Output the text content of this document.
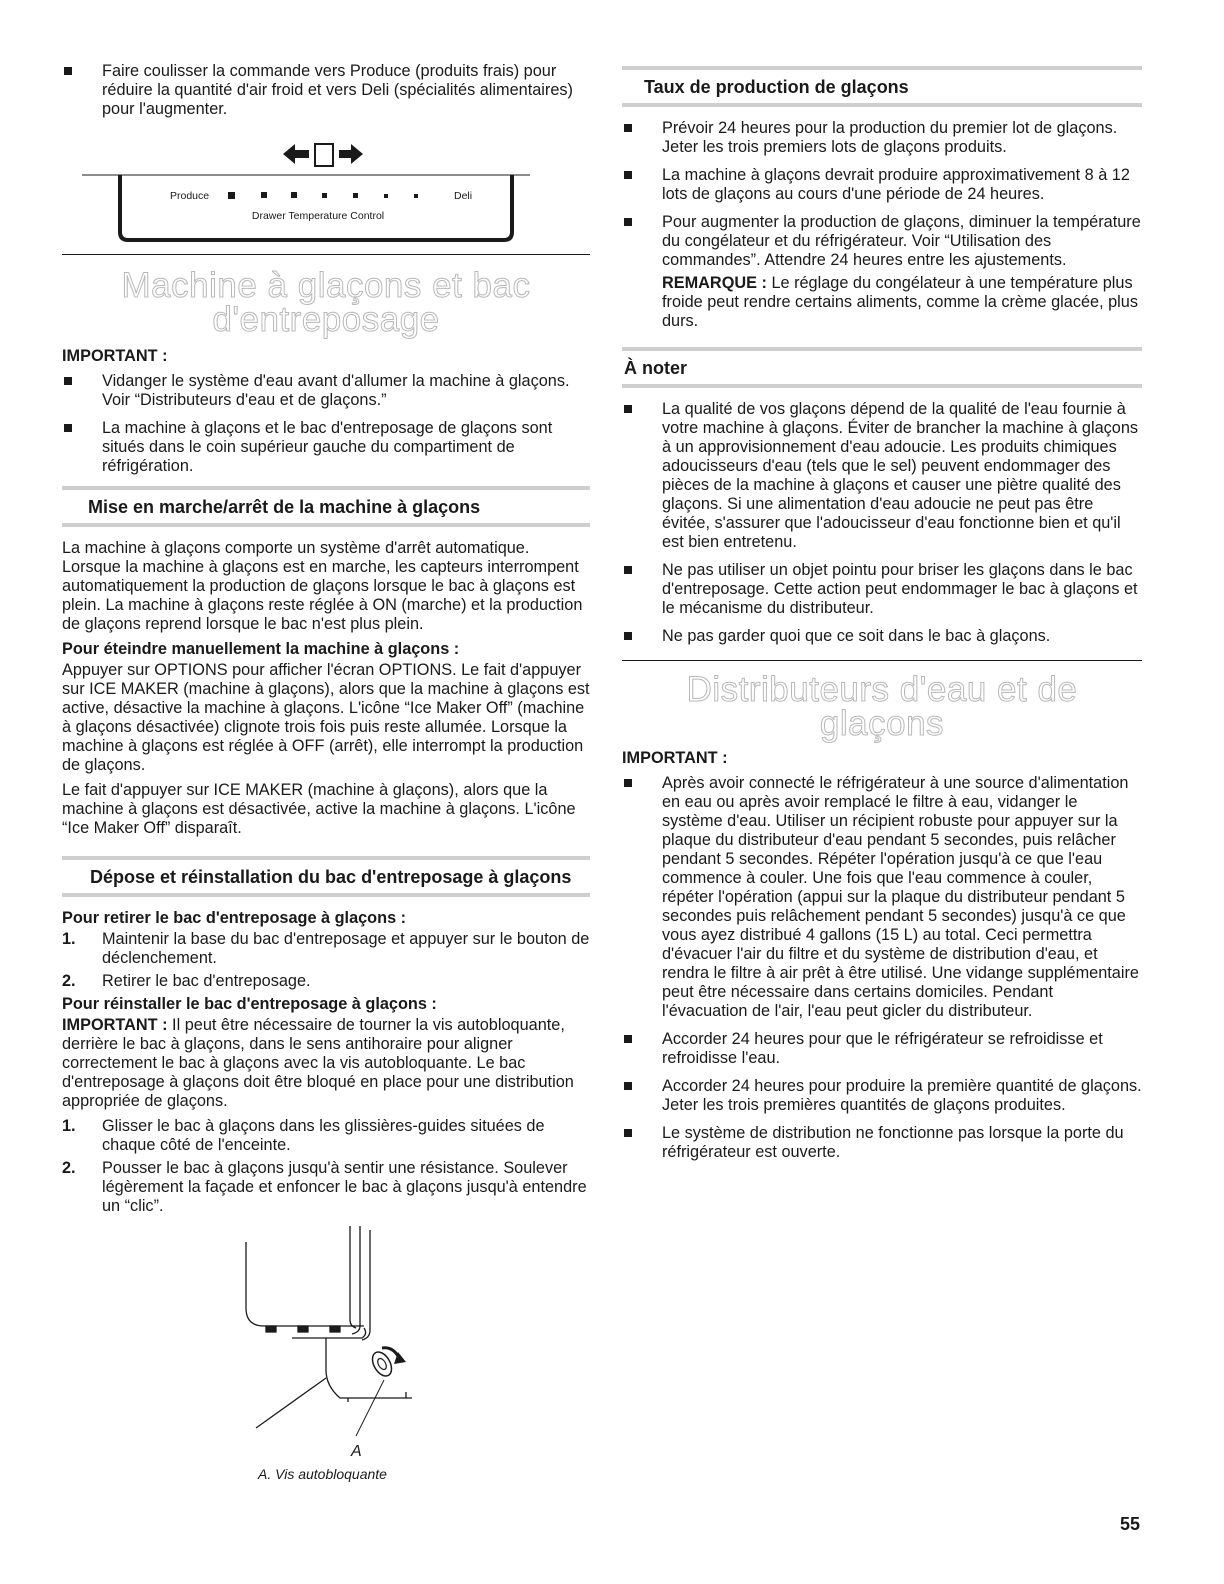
Faire coulisser la commande vers Produce (produits frais) pour réduire la quantité d'air froid et vers Deli (spécialités alimentaires) pour l'augmenter.
Produce	Deli
Drawer Temperature Control
Machine à glaçons et bac
d'entreposage
IMPORTANT :
Vidanger le système d'eau avant d'allumer la machine à glaçons. Voir “Distributeurs d'eau et de glaçons.”
La machine à glaçons et le bac d'entreposage de glaçons sont situés dans le coin supérieur gauche du compartiment de réfrigération.
Mise en marche/arrêt de la machine à glaçons

La machine à glaçons comporte un système d'arrêt automatique. Lorsque la machine à glaçons est en marche, les capteurs interrompent automatiquement la production de glaçons lorsque le bac à glaçons est plein. La machine à glaçons reste réglée à ON (marche) et la production de glaçons reprend lorsque le bac n'est plus plein.

Pour éteindre manuellement la machine à glaçons :

Appuyer sur OPTIONS pour afficher l'écran OPTIONS. Le fait d'appuyer sur ICE MAKER (machine à glaçons), alors que la machine à glaçons est active, désactive la machine à glaçons. L'icône “Ice Maker Off” (machine à glaçons désactivée) clignote trois fois puis reste allumée. Lorsque la machine à glaçons est réglée à OFF (arrêt), elle interrompt la production de glaçons.

Le fait d'appuyer sur ICE MAKER (machine à glaçons), alors que la machine à glaçons est désactivée, active la machine à glaçons. L'icône “Ice Maker Off” disparaît.

Dépose et réinstallation du bac d'entreposage à glaçons
Pour retirer le bac d'entreposage à glaçons :
1. Maintenir la base du bac d'entreposage et appuyer sur le bouton de déclenchement.
2. Retirer le bac d'entreposage.
Pour réinstaller le bac d'entreposage à glaçons :

IMPORTANT : Il peut être nécessaire de tourner la vis autobloquante, derrière le bac à glaçons, dans le sens antihoraire pour aligner correctement le bac à glaçons avec la vis autobloquante. Le bac d'entreposage à glaçons doit être bloqué en place pour une distribution appropriée de glaçons.

1. Glisser le bac à glaçons dans les glissières-guides situées de chaque côté de l'enceinte.
2. Pousser le bac à glaçons jusqu'à sentir une résistance. Soulever légèrement la façade et enfoncer le bac à glaçons jusqu'à entendre un “clic”.
A
A. Vis autobloquante
Taux de production de glaçons
Prévoir 24 heures pour la production du premier lot de glaçons. Jeter les trois premiers lots de glaçons produits.
La machine à glaçons devrait produire approximativement 8 à 12 lots de glaçons au cours d'une période de 24 heures.
Pour augmenter la production de glaçons, diminuer la température du congélateur et du réfrigérateur. Voir “Utilisation des commandes”. Attendre 24 heures entre les ajustements.

REMARQUE : Le réglage du congélateur à une température plus froide peut rendre certains aliments, comme la crème glacée, plus durs.

À noter
La qualité de vos glaçons dépend de la qualité de l'eau fournie à votre machine à glaçons. Éviter de brancher la machine à glaçons à un approvisionnement d'eau adoucie. Les produits chimiques adoucisseurs d'eau (tels que le sel) peuvent endommager des pièces de la machine à glaçons et causer une piètre qualité des glaçons. Si une alimentation d'eau adoucie ne peut pas être évitée, s'assurer que l'adoucisseur d'eau fonctionne bien et qu'il est bien entretenu.
Ne pas utiliser un objet pointu pour briser les glaçons dans le bac d'entreposage. Cette action peut endommager le bac à glaçons et le mécanisme du distributeur.
Ne pas garder quoi que ce soit dans le bac à glaçons.
Distributeurs d'eau et de glaçons
IMPORTANT :
Après avoir connecté le réfrigérateur à une source d'alimentation en eau ou après avoir remplacé le filtre à eau, vidanger le système d'eau. Utiliser un récipient robuste pour appuyer sur la plaque du distributeur d'eau pendant 5 secondes, puis relâcher pendant 5 secondes. Répéter l'opération jusqu'à ce que l'eau commence à couler. Une fois que l'eau commence à couler, répéter l'opération (appui sur la plaque du distributeur pendant 5 secondes puis relâchement pendant 5 secondes) jusqu'à ce que vous ayez distribué 4 gallons (15 L) au total. Ceci permettra d'évacuer l'air du filtre et du système de distribution d'eau, et rendra le filtre à air prêt à être utilisé. Une vidange supplémentaire peut être nécessaire dans certains domiciles. Pendant l'évacuation de l'air, l'eau peut gicler du distributeur.
Accorder 24 heures pour que le réfrigérateur se refroidisse et refroidisse l'eau.
Accorder 24 heures pour produire la première quantité de glaçons. Jeter les trois premières quantités de glaçons produites.
Le système de distribution ne fonctionne pas lorsque la porte du réfrigérateur est ouverte.
55
